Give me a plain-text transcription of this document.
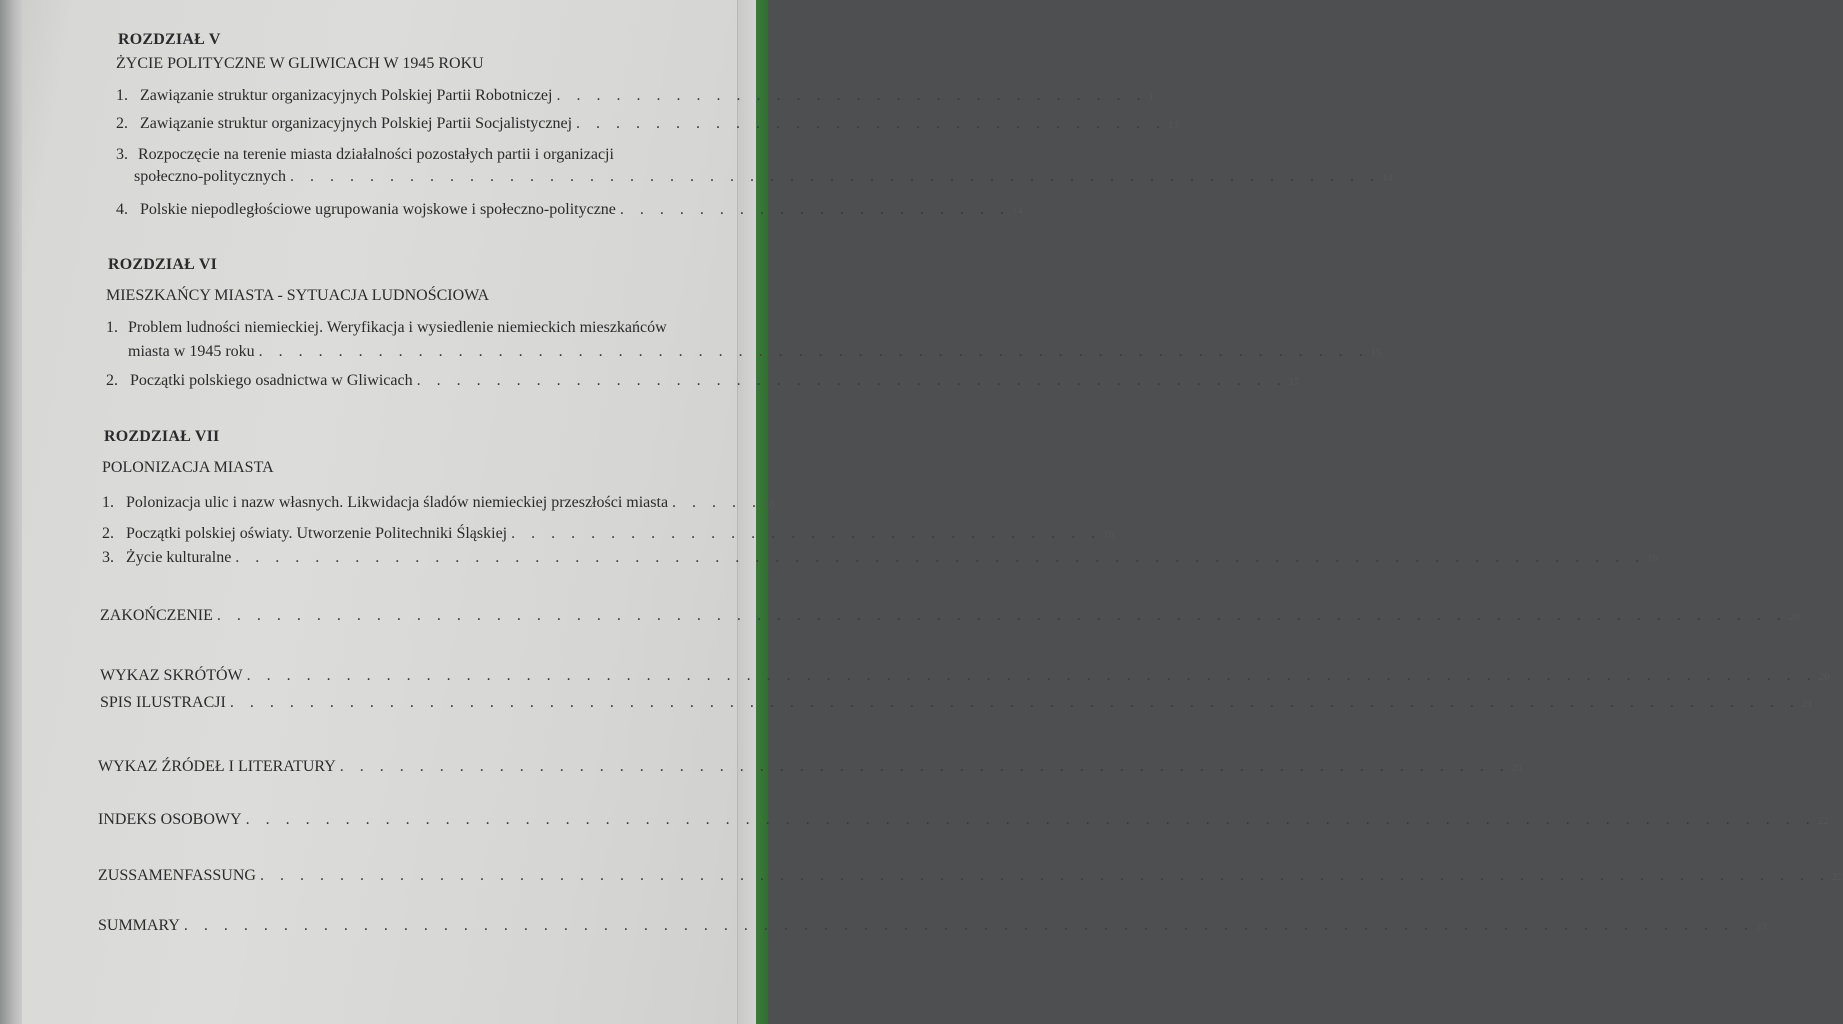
ROZDZIAŁ V
ŻYCIE POLITYCZNE W GLIWICACH W 1945 ROKU
1. Zawiązanie struktur organizacyjnych Polskiej Partii Robotniczej . . . . . . . . . . . . . . . . . . . . . . . . . . . . . . 1:
2. Zawiązanie struktur organizacyjnych Polskiej Partii Socjalistycznej . . . . . . . . . . . . . . . . . . . . . . . . . . . . . . 13
3. Rozpoczęcie na terenie miasta działalności pozostałych partii i organizacji
społeczno-politycznych . . . . . . . . . . . . . . . . . . . . . . . . . . . . . . . . . . . . . . . . . . . . . . . . . . . . . . . 14
4. Polskie niepodległościowe ugrupowania wojskowe i społeczno-polityczne . . . . . . . . . . . . . . . . . . . . 14
ROZDZIAŁ VI
MIESZKAŃCY MIASTA - SYTUACJA LUDNOŚCIOWA
1. Problem ludności niemieckiej. Weryfikacja i wysiedlenie niemieckich mieszkańców
miasta w 1945 roku . . . . . . . . . . . . . . . . . . . . . . . . . . . . . . . . . . . . . . . . . . . . . . . . . . . . . . . . 15
2. Początki polskiego osadnictwa w Gliwicach . . . . . . . . . . . . . . . . . . . . . . . . . . . . . . . . . . . . . . . . . . . . 17
ROZDZIAŁ VII
POLONIZACJA MIASTA
1. Polonizacja ulic i nazw własnych. Likwidacja śladów niemieckiej przeszłości miasta . . . . . 18
2. Początki polskiej oświaty. Utworzenie Politechniki Śląskiej . . . . . . . . . . . . . . . . . . . . . . . . . . . . . . 18
3. Życie kulturalne . . . . . . . . . . . . . . . . . . . . . . . . . . . . . . . . . . . . . . . . . . . . . . . . . . . . . . . . . . . . . . . . . . . . . . . 19
ZAKOŃCZENIE . . . . . . . . . . . . . . . . . . . . . . . . . . . . . . . . . . . . . . . . . . . . . . . . . . . . . . . . . . . . . . . . . . . . . . . . . . . . . . . 20
WYKAZ SKRÓTÓW . . . . . . . . . . . . . . . . . . . . . . . . . . . . . . . . . . . . . . . . . . . . . . . . . . . . . . . . . . . . . . . . . . . . . . . . . . . . . . . 20
SPIS ILUSTRACJI . . . . . . . . . . . . . . . . . . . . . . . . . . . . . . . . . . . . . . . . . . . . . . . . . . . . . . . . . . . . . . . . . . . . . . . . . . . . . . . 21
WYKAZ ŹRÓDEŁ I LITERATURY . . . . . . . . . . . . . . . . . . . . . . . . . . . . . . . . . . . . . . . . . . . . . . . . . . . . . . . . . . . 21
INDEKS OSOBOWY . . . . . . . . . . . . . . . . . . . . . . . . . . . . . . . . . . . . . . . . . . . . . . . . . . . . . . . . . . . . . . . . . . . . . . . . . . . . . . . 22
ZUSSAMENFASSUNG . . . . . . . . . . . . . . . . . . . . . . . . . . . . . . . . . . . . . . . . . . . . . . . . . . . . . . . . . . . . . . . . . . . . . . . . . . . . . . . 22
SUMMARY . . . . . . . . . . . . . . . . . . . . . . . . . . . . . . . . . . . . . . . . . . . . . . . . . . . . . . . . . . . . . . . . . . . . . . . . . . . . . . . 23
